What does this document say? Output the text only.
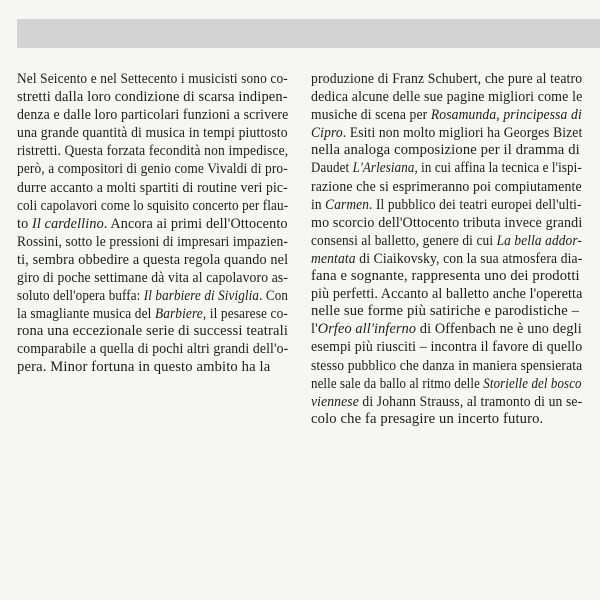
Nel Seicento e nel Settecento i musicisti sono co-stretti dalla loro condizione di scarsa indipen-denza e dalle loro particolari funzioni a scrivereuna grande quantità di musica in tempi piuttostoristretti. Questa forzata fecondità non impedisce,però, a compositori di genio come Vivaldi di pro-durre accanto a molti spartiti di routine veri pic-coli capolavori come lo squisito concerto per flau-to Il cardellino. Ancora ai primi dell'OttocentoRossini, sotto le pressioni di impresari impazien-ti, sembra obbedire a questa regola quando nelgiro di poche settimane dà vita al capolavoro as-soluto dell'opera buffa: Il barbiere di Siviglia. Conla smagliante musica del Barbiere, il pesarese co-
rona una eccezionale serie di successi teatrali
comparabile a quella di pochi altri grandi dell'o-
pera. Minor fortuna in questo ambito ha la
produzione di Franz Schubert, che pure al teatrodedica alcune delle sue pagine migliori come lemusiche di scena per Rosamunda, principessa diCipro. Esiti non molto migliori ha Georges Bizet
nella analoga composizione per il dramma di
Daudet L'Arlesiana, in cui affina la tecnica e l'ispi-razione che si esprimeranno poi compiutamentein Carmen. Il pubblico dei teatri europei dell'ulti-mo scorcio dell'Ottocento tributa invece grandiconsensi al balletto, genere di cui La bella addor-mentata di Ciaikovsky, con la sua atmosfera dia-
fana e sognante, rappresenta uno dei prodotti
più perfetti. Accanto al balletto anche l'operetta
nelle sue forme più satiriche e parodistiche –
l'Orfeo all'inferno di Offenbach ne è uno degliesempi più riusciti – incontra il favore di quellostesso pubblico che danza in maniera spensieratanelle sale da ballo al ritmo delle Storielle del boscoviennese di Johann Strauss, al tramonto di un se-
colo che fa presagire un incerto futuro.
